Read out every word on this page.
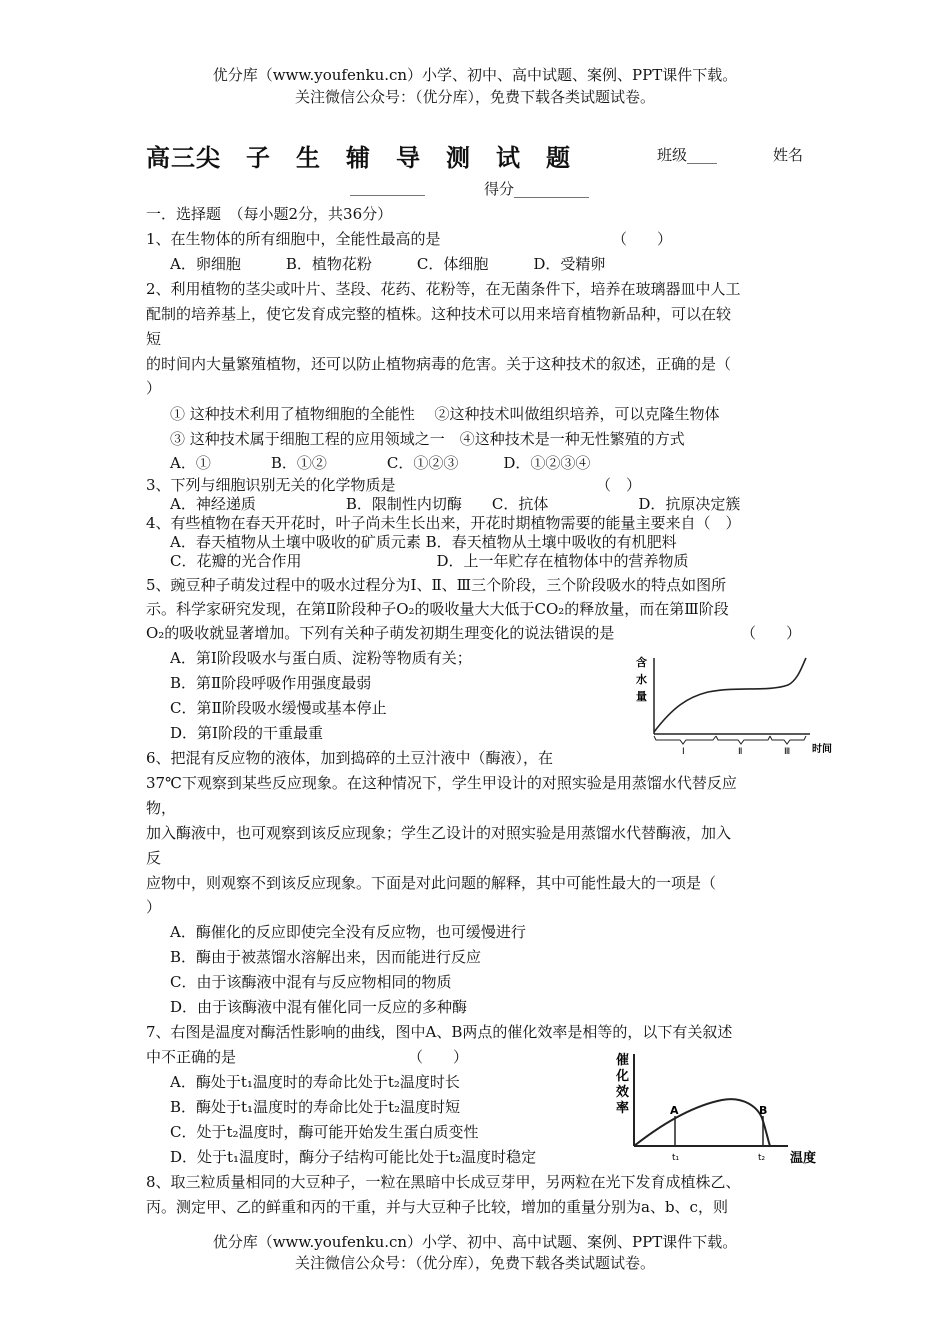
优分库（www.youfenku.cn）小学、初中、高中试题、案例、PPT课件下载。
关注微信公众号：（优分库），免费下载各类试题试卷。
高三尖　子　生　辅　导　测　试　题	班级____	姓名
__________	得分__________
一．选择题　（每小题2分，共36分）
1、在生物体的所有细胞中，全能性最高的是	（　　）
A．卵细胞　　　B．植物花粉　　　C．体细胞　　　D．受精卵
2、利用植物的茎尖或叶片、茎段、花药、花粉等，在无菌条件下，培养在玻璃器皿中人工
配制的培养基上，使它发育成完整的植株。这种技术可以用来培育植物新品种，可以在较
短
的时间内大量繁殖植物，还可以防止植物病毒的危害。关于这种技术的叙述，正确的是（
）
① 这种技术利用了植物细胞的全能性　 ②这种技术叫做组织培养，可以克隆生物体
③ 这种技术属于细胞工程的应用领域之一　④这种技术是一种无性繁殖的方式
A．①　　　　B．①②　　　　C．①②③　　　D．①②③④
3、下列与细胞识别无关的化学物质是	（　）
A．神经递质　　　　　　B．限制性内切酶　　C．抗体　　　　　　D．抗原决定簇
4、有些植物在春天开花时，叶子尚未生长出来，开花时期植物需要的能量主要来自（　）
A．春天植物从土壤中吸收的矿质元素 B．春天植物从土壤中吸收的有机肥料
C．花瓣的光合作用　　　　　　　　　D．上一年贮存在植物体中的营养物质
5、豌豆种子萌发过程中的吸水过程分为Ⅰ、Ⅱ、Ⅲ三个阶段，三个阶段吸水的特点如图所
示。科学家研究发现，在第Ⅱ阶段种子O₂的吸收量大大低于CO₂的释放量，而在第Ⅲ阶段
O₂的吸收就显著增加。下列有关种子萌发初期生理变化的说法错误的是	（　　）
A．第Ⅰ阶段吸水与蛋白质、淀粉等物质有关；
B．第Ⅱ阶段呼吸作用强度最弱
C．第Ⅱ阶段吸水缓慢或基本停止
D．第Ⅰ阶段的干重最重
含
水
量
Ⅰ	Ⅱ	Ⅲ 时间
6、把混有反应物的液体，加到捣碎的土豆汁液中（酶液），在
37℃下观察到某些反应现象。在这种情况下，学生甲设计的对照实验是用蒸馏水代替反应
物，
加入酶液中，也可观察到该反应现象；学生乙设计的对照实验是用蒸馏水代替酶液，加入
反
应物中，则观察不到该反应现象。下面是对此问题的解释，其中可能性最大的一项是（
）
A．酶催化的反应即使完全没有反应物，也可缓慢进行
B．酶由于被蒸馏水溶解出来，因而能进行反应
C．由于该酶液中混有与反应物相同的物质
D．由于该酶液中混有催化同一反应的多种酶
7、右图是温度对酶活性影响的曲线，图中A、B两点的催化效率是相等的，以下有关叙述
中不正确的是	（　　）
A．酶处于t₁温度时的寿命比处于t₂温度时长
B．酶处于t₁温度时的寿命比处于t₂温度时短
C．处于t₂温度时，酶可能开始发生蛋白质变性
D．处于t₁温度时，酶分子结构可能比处于t₂温度时稳定
催
化
效
率	A	B
t₁	t₂ 温度
8、取三粒质量相同的大豆种子，一粒在黑暗中长成豆芽甲，另两粒在光下发育成植株乙、
丙。测定甲、乙的鲜重和丙的干重，并与大豆种子比较，增加的重量分别为a、b、c，则
优分库（www.youfenku.cn）小学、初中、高中试题、案例、PPT课件下载。
关注微信公众号：（优分库），免费下载各类试题试卷。
